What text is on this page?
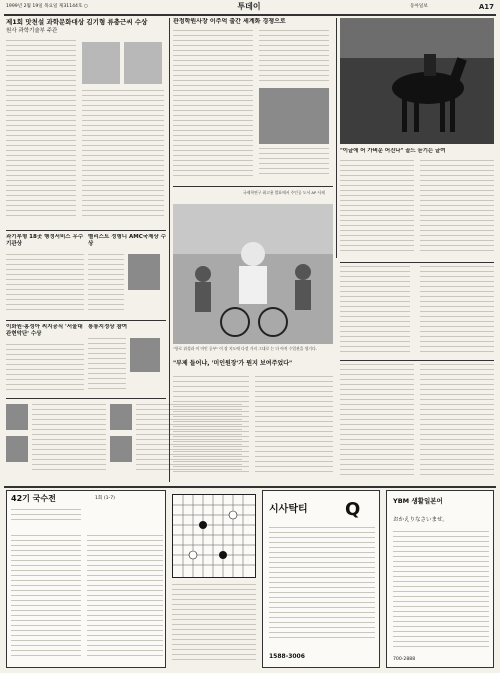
1999년 2월 19일 목요일 제31144호 ○	투데이	동아일보	A17
제1회 맛천설 과학문화대상 김기형 류충근씨 수상
원사 과학기술부 주관
과기부형 18곳 행정서비스 우수기관상
벨리스트 정형니 AMC국제상 수상
이화원·홍성아 씨지공식 '서울대 관현악단' 수상
통통지정상 참여
관정학원사장 이주억 출간 세계화 경쟁으로
"이글에 어 가벼운 어진나" 골드 듣기는 글여
국제학연구 최고용 발표에서 주인공 도서 AP 사제
"항로 위성과 이 미인 공부" 이 장 지도에 다섯 가지 그대로 는 다 아직 수업관을 생기다.
"부제 들어냐, '미인원장'가 뭔지 보여주었다"
42기 국수전	1회 (1-7)
시사탁티	Q
1588-3006
YBM 생활일본어
おかえりなさいませ。
700-2888
